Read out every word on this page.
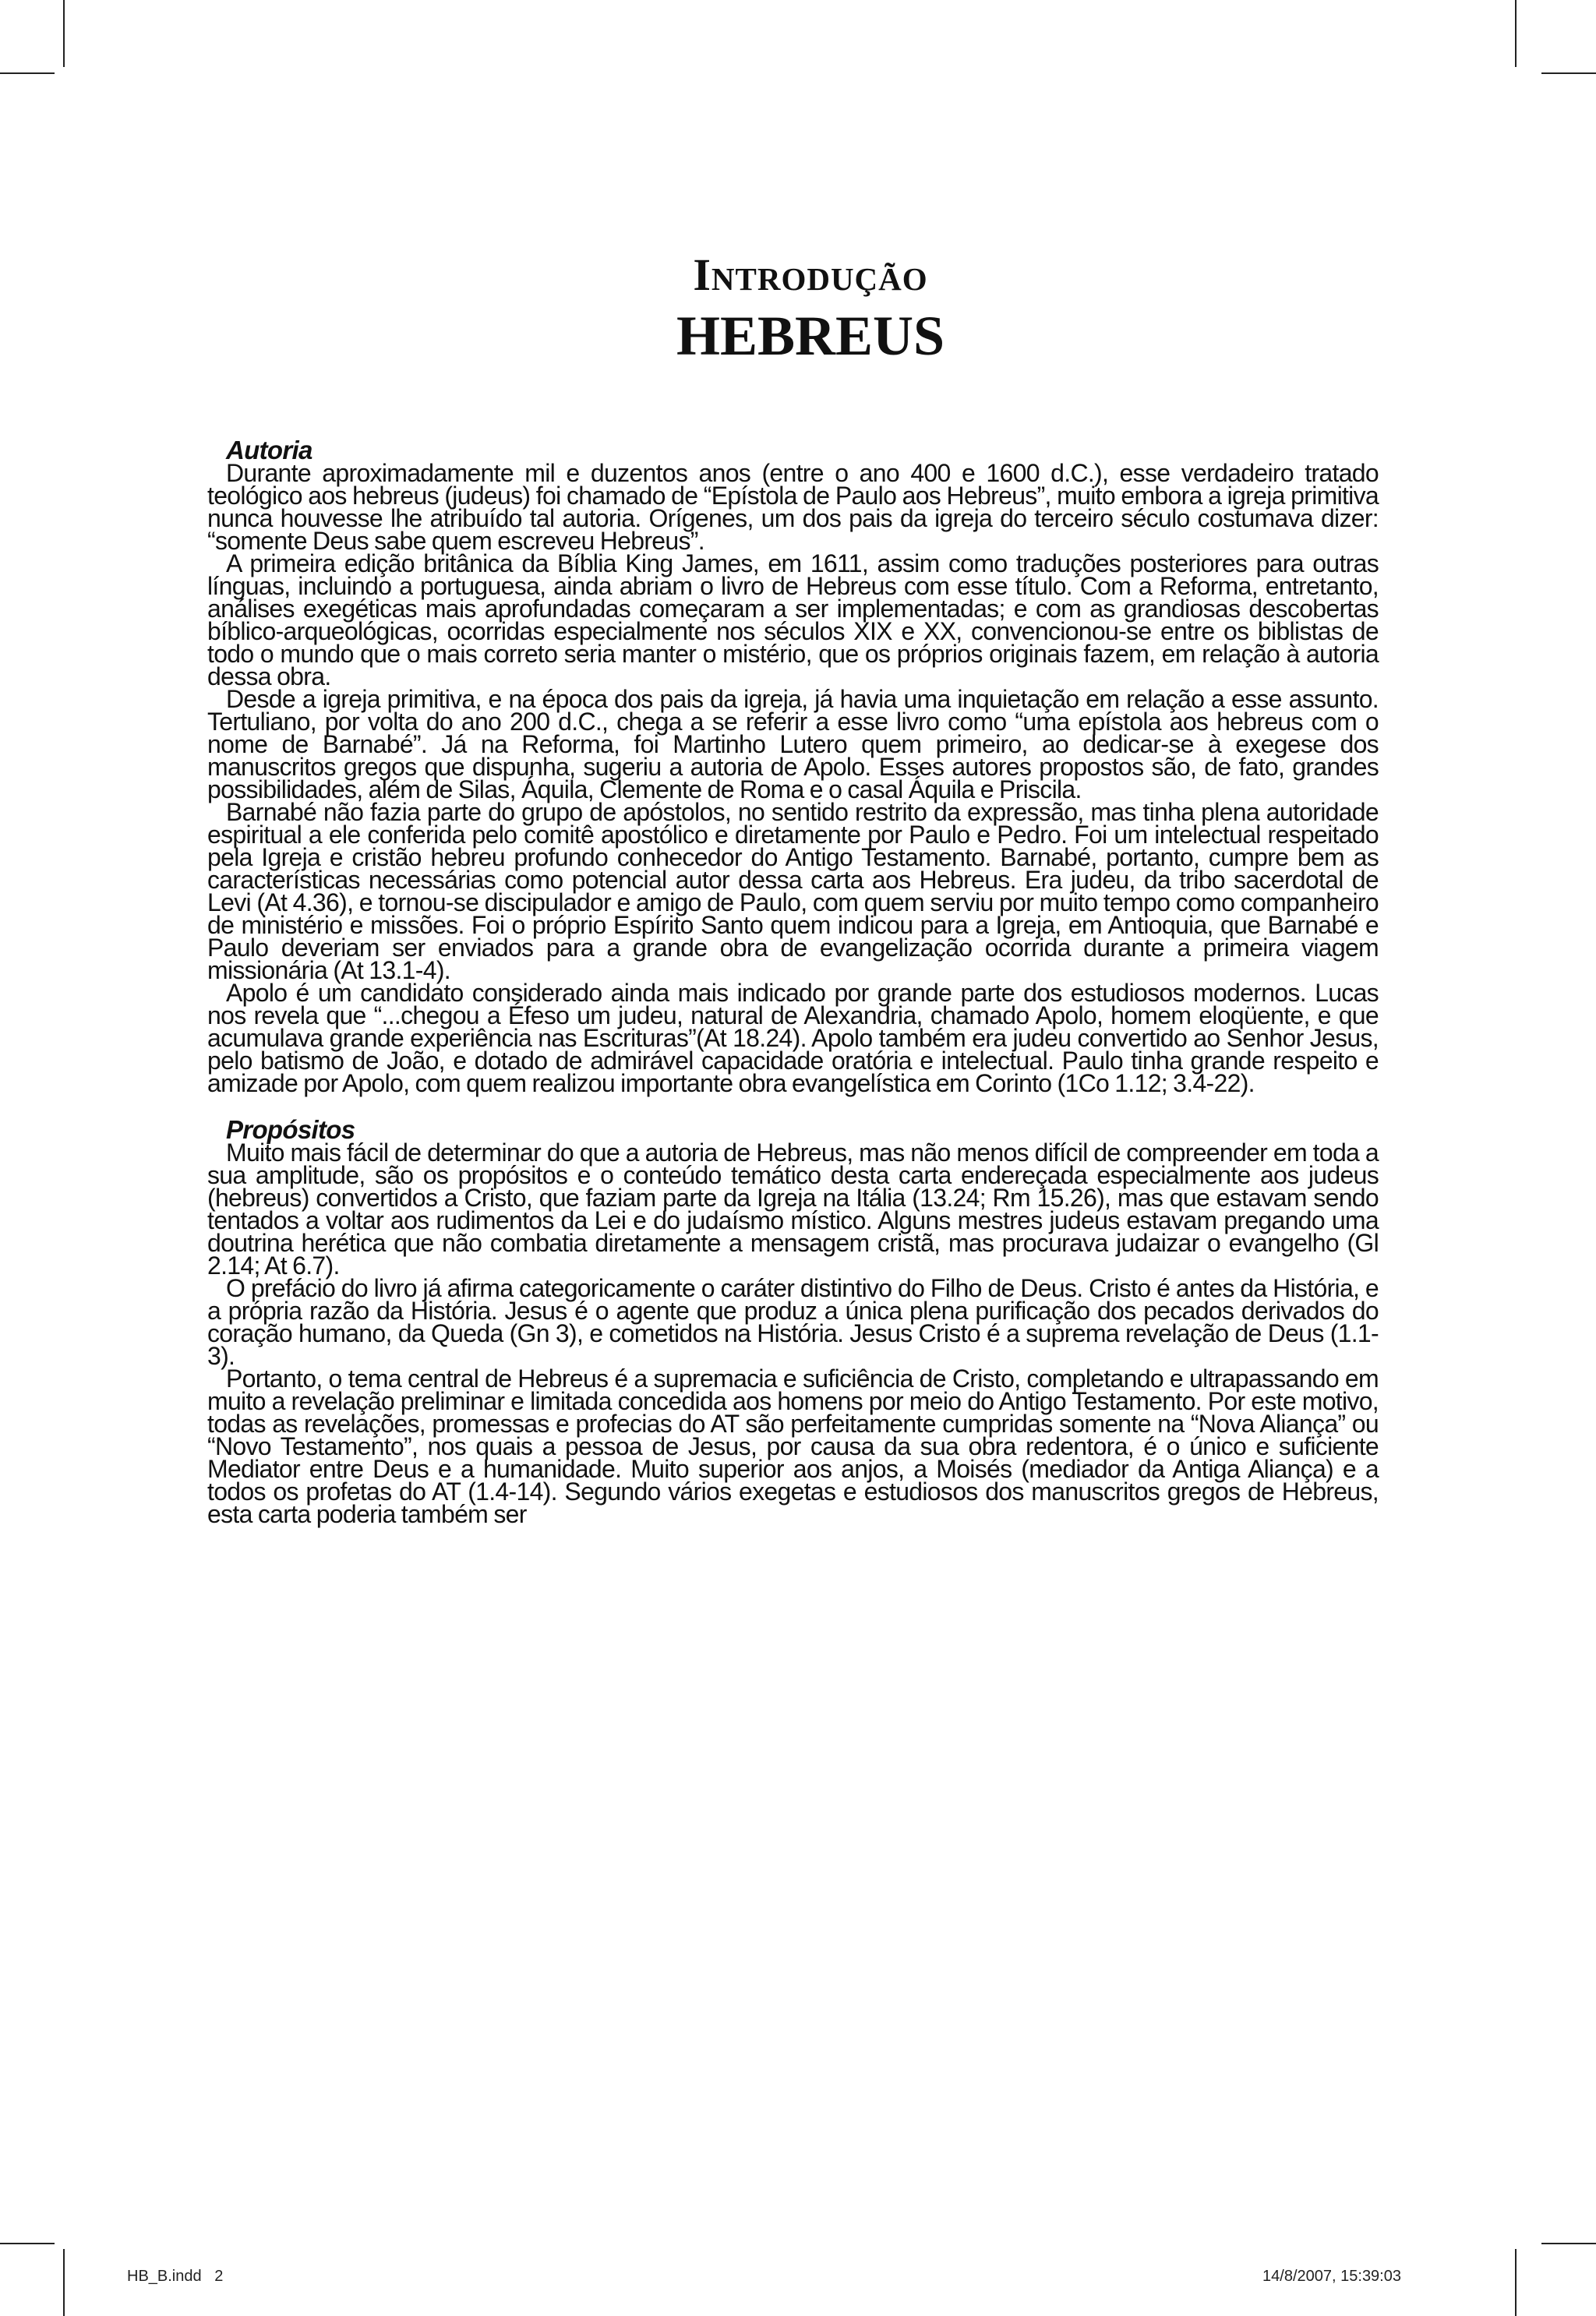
Introdução
HEBREUS
Autoria

Durante aproximadamente mil e duzentos anos (entre o ano 400 e 1600 d.C.), esse verdadeiro tratado teológico aos hebreus (judeus) foi chamado de “Epístola de Paulo aos Hebreus”, muito embora a igreja primitiva nunca houvesse lhe atribuído tal autoria. Orígenes, um dos pais da igreja do terceiro século costumava dizer: “somente Deus sabe quem escreveu Hebreus”.

A primeira edição britânica da Bíblia King James, em 1611, assim como traduções posteriores para outras línguas, incluindo a portuguesa, ainda abriam o livro de Hebreus com esse título. Com a Reforma, entretanto, análises exegéticas mais aprofundadas começaram a ser implementadas; e com as grandiosas descobertas bíblico-arqueológicas, ocorridas especialmente nos séculos XIX e XX, convencionou-se entre os biblistas de todo o mundo que o mais correto seria manter o mistério, que os próprios originais fazem, em relação à autoria dessa obra.

Desde a igreja primitiva, e na época dos pais da igreja, já havia uma inquietação em relação a esse assunto. Tertuliano, por volta do ano 200 d.C., chega a se referir a esse livro como “uma epístola aos hebreus com o nome de Barnabé”. Já na Reforma, foi Martinho Lutero quem primeiro, ao dedicar-se à exegese dos manuscritos gregos que dispunha, sugeriu a autoria de Apolo. Esses autores propostos são, de fato, grandes possibilidades, além de Silas, Áquila, Clemente de Roma e o casal Áquila e Priscila.

Barnabé não fazia parte do grupo de apóstolos, no sentido restrito da expressão, mas tinha plena autoridade espiritual a ele conferida pelo comitê apostólico e diretamente por Paulo e Pedro. Foi um intelectual respeitado pela Igreja e cristão hebreu profundo conhecedor do Antigo Testamento. Barnabé, portanto, cumpre bem as características necessárias como potencial autor dessa carta aos Hebreus. Era judeu, da tribo sacerdotal de Levi (At 4.36), e tornou-se discipulador e amigo de Paulo, com quem serviu por muito tempo como companheiro de ministério e missões. Foi o próprio Espírito Santo quem indicou para a Igreja, em Antioquia, que Barnabé e Paulo deveriam ser enviados para a grande obra de evangelização ocorrida durante a primeira viagem missionária (At 13.1-4).

Apolo é um candidato considerado ainda mais indicado por grande parte dos estudiosos modernos. Lucas nos revela que “...chegou a Éfeso um judeu, natural de Alexandria, chamado Apolo, homem eloqüente, e que acumulava grande experiência nas Escrituras”(At 18.24). Apolo também era judeu convertido ao Senhor Jesus, pelo batismo de João, e dotado de admirável capacidade oratória e intelectual. Paulo tinha grande respeito e amizade por Apolo, com quem realizou importante obra evangelística em Corinto (1Co 1.12; 3.4-22).

Propósitos

Muito mais fácil de determinar do que a autoria de Hebreus, mas não menos difícil de compreender em toda a sua amplitude, são os propósitos e o conteúdo temático desta carta endereçada especialmente aos judeus (hebreus) convertidos a Cristo, que faziam parte da Igreja na Itália (13.24; Rm 15.26), mas que estavam sendo tentados a voltar aos rudimentos da Lei e do judaísmo místico. Alguns mestres judeus estavam pregando uma doutrina herética que não combatia diretamente a mensagem cristã, mas procurava judaizar o evangelho (Gl 2.14; At 6.7).

O prefácio do livro já afirma categoricamente o caráter distintivo do Filho de Deus. Cristo é antes da História, e a própria razão da História. Jesus é o agente que produz a única plena purificação dos pecados derivados do coração humano, da Queda (Gn 3), e cometidos na História. Jesus Cristo é a suprema revelação de Deus (1.1-3).

Portanto, o tema central de Hebreus é a supremacia e suficiência de Cristo, completando e ultrapassando em muito a revelação preliminar e limitada concedida aos homens por meio do Antigo Testamento. Por este motivo, todas as revelações, promessas e profecias do AT são perfeitamente cumpridas somente na “Nova Aliança” ou “Novo Testamento”, nos quais a pessoa de Jesus, por causa da sua obra redentora, é o único e suficiente Mediator entre Deus e a humanidade. Muito superior aos anjos, a Moisés (mediador da Antiga Aliança) e a todos os profetas do AT (1.4-14). Segundo vários exegetas e estudiosos dos manuscritos gregos de Hebreus, esta carta poderia também ser

HB_B.indd   2	14/8/2007, 15:39:03
